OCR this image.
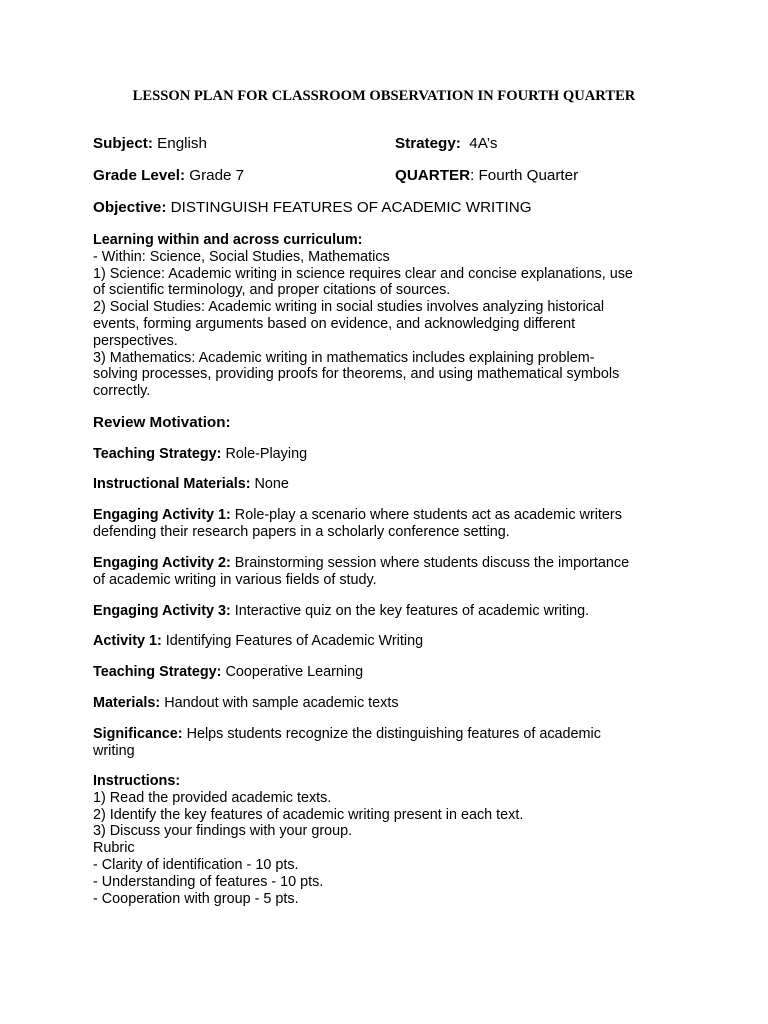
LESSON PLAN FOR CLASSROOM OBSERVATION IN FOURTH QUARTER
Subject: English	Strategy: 4A’s
Grade Level: Grade 7	QUARTER: Fourth Quarter
Objective: DISTINGUISH FEATURES OF ACADEMIC WRITING
Learning within and across curriculum:
- Within: Science, Social Studies, Mathematics
1) Science: Academic writing in science requires clear and concise explanations, use
of scientific terminology, and proper citations of sources.
2) Social Studies: Academic writing in social studies involves analyzing historical
events, forming arguments based on evidence, and acknowledging different
perspectives.
3) Mathematics: Academic writing in mathematics includes explaining problem-
solving processes, providing proofs for theorems, and using mathematical symbols
correctly.
Review Motivation:
Teaching Strategy: Role-Playing
Instructional Materials: None
Engaging Activity 1: Role-play a scenario where students act as academic writers
defending their research papers in a scholarly conference setting.
Engaging Activity 2: Brainstorming session where students discuss the importance
of academic writing in various fields of study.
Engaging Activity 3: Interactive quiz on the key features of academic writing.
Activity 1: Identifying Features of Academic Writing
Teaching Strategy: Cooperative Learning
Materials: Handout with sample academic texts
Significance: Helps students recognize the distinguishing features of academic
writing
Instructions:
1) Read the provided academic texts.
2) Identify the key features of academic writing present in each text.
3) Discuss your findings with your group.
Rubric
- Clarity of identification - 10 pts.
- Understanding of features - 10 pts.
- Cooperation with group - 5 pts.
